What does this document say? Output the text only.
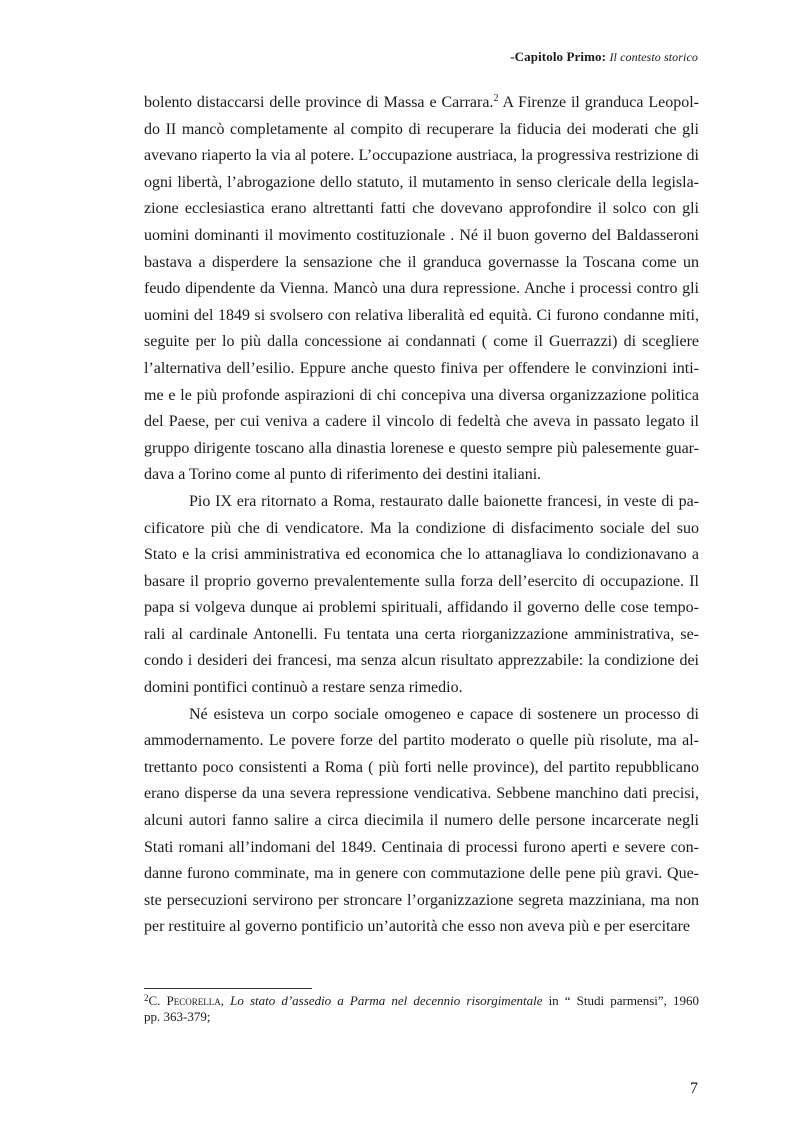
-Capitolo Primo: Il contesto storico
bolento distaccarsi delle province di Massa e Carrara.$^2$ A Firenze il granduca Leopol-
do II mancò completamente al compito di recuperare la fiducia dei moderati che gli
avevano riaperto la via al potere. L’occupazione austriaca, la progressiva restrizione di
ogni libertà, l’abrogazione dello statuto, il mutamento in senso clericale della legisla-
zione ecclesiastica erano altrettanti fatti che dovevano approfondire il solco con gli
uomini dominanti il movimento costituzionale . Né il buon governo del Baldasseroni
bastava a disperdere la sensazione che il granduca governasse la Toscana come un
feudo dipendente da Vienna. Mancò una dura repressione. Anche i processi contro gli
uomini del 1849 si svolsero con relativa liberalità ed equità. Ci furono condanne miti,
seguite per lo più dalla concessione ai condannati ( come il Guerrazzi) di scegliere
l’alternativa dell’esilio. Eppure anche questo finiva per offendere le convinzioni inti-
me e le più profonde aspirazioni di chi concepiva una diversa organizzazione politica
del Paese, per cui veniva a cadere il vincolo di fedeltà che aveva in passato legato il
gruppo dirigente toscano alla dinastia lorenese e questo sempre più palesemente guar-
dava a Torino come al punto di riferimento dei destini italiani.
Pio IX era ritornato a Roma, restaurato dalle baionette francesi, in veste di pa-
cificatore più che di vendicatore. Ma la condizione di disfacimento sociale del suo
Stato e la crisi amministrativa ed economica che lo attanagliava lo condizionavano a
basare il proprio governo prevalentemente sulla forza dell’esercito di occupazione. Il
papa si volgeva dunque ai problemi spirituali, affidando il governo delle cose tempo-
rali al cardinale Antonelli. Fu tentata una certa riorganizzazione amministrativa, se-
condo i desideri dei francesi, ma senza alcun risultato apprezzabile: la condizione dei
domini pontifici continuò a restare senza rimedio.
Né esisteva un corpo sociale omogeneo e capace di sostenere un processo di
ammodernamento. Le povere forze del partito moderato o quelle più risolute, ma al-
trettanto poco consistenti a Roma ( più forti nelle province), del partito repubblicano
erano disperse da una severa repressione vendicativa. Sebbene manchino dati precisi,
alcuni autori fanno salire a circa diecimila il numero delle persone incarcerate negli
Stati romani all’indomani del 1849. Centinaia di processi furono aperti e severe con-
danne furono comminate, ma in genere con commutazione delle pene più gravi. Que-
ste persecuzioni servirono per stroncare l’organizzazione segreta mazziniana, ma non
per restituire al governo pontificio un’autorità che esso non aveva più e per esercitare
$^2$C. Pecorella, Lo stato d’assedio a Parma nel decennio risorgimentale in “ Studi parmensi”, 1960
pp. 363-379;
7
